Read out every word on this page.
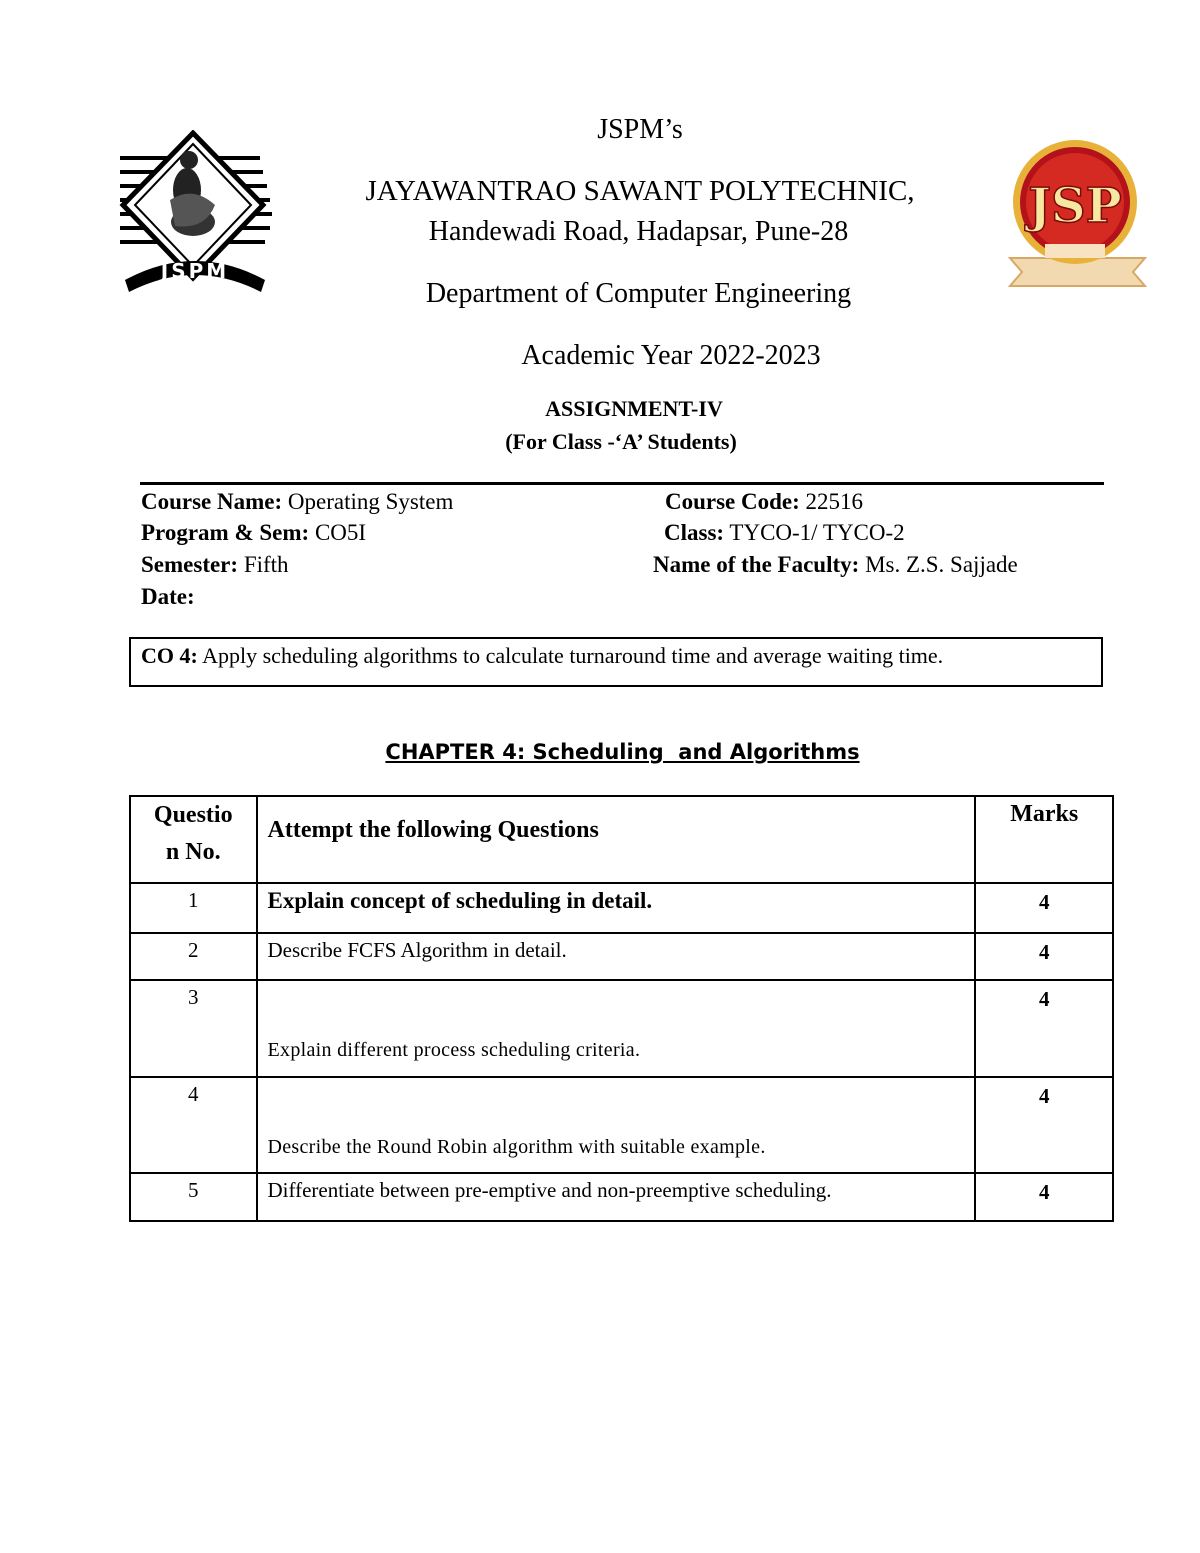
JSPM
JSP
JSPM’s
JAYAWANTRAO SAWANT POLYTECHNIC,
Handewadi Road, Hadapsar, Pune-28
Department of Computer Engineering
Academic Year 2022-2023
ASSIGNMENT-IV
(For Class -‘A’ Students)
Course Name: Operating System	Course Code: 22516
Program & Sem: CO5I	Class: TYCO-1/ TYCO-2
Semester: Fifth	Name of the Faculty: Ms. Z.S. Sajjade
Date:
CO 4: Apply scheduling algorithms to calculate turnaround time and average waiting time.
CHAPTER 4: Scheduling  and Algorithms
Questio
n No.	Attempt the following Questions	Marks
1	Explain concept of scheduling in detail.	4
2	Describe FCFS Algorithm in detail.	4
3	Explain different process scheduling criteria.	4
4	Describe the Round Robin algorithm with suitable example.	4
5	Differentiate between pre-emptive and non-preemptive scheduling.	4
